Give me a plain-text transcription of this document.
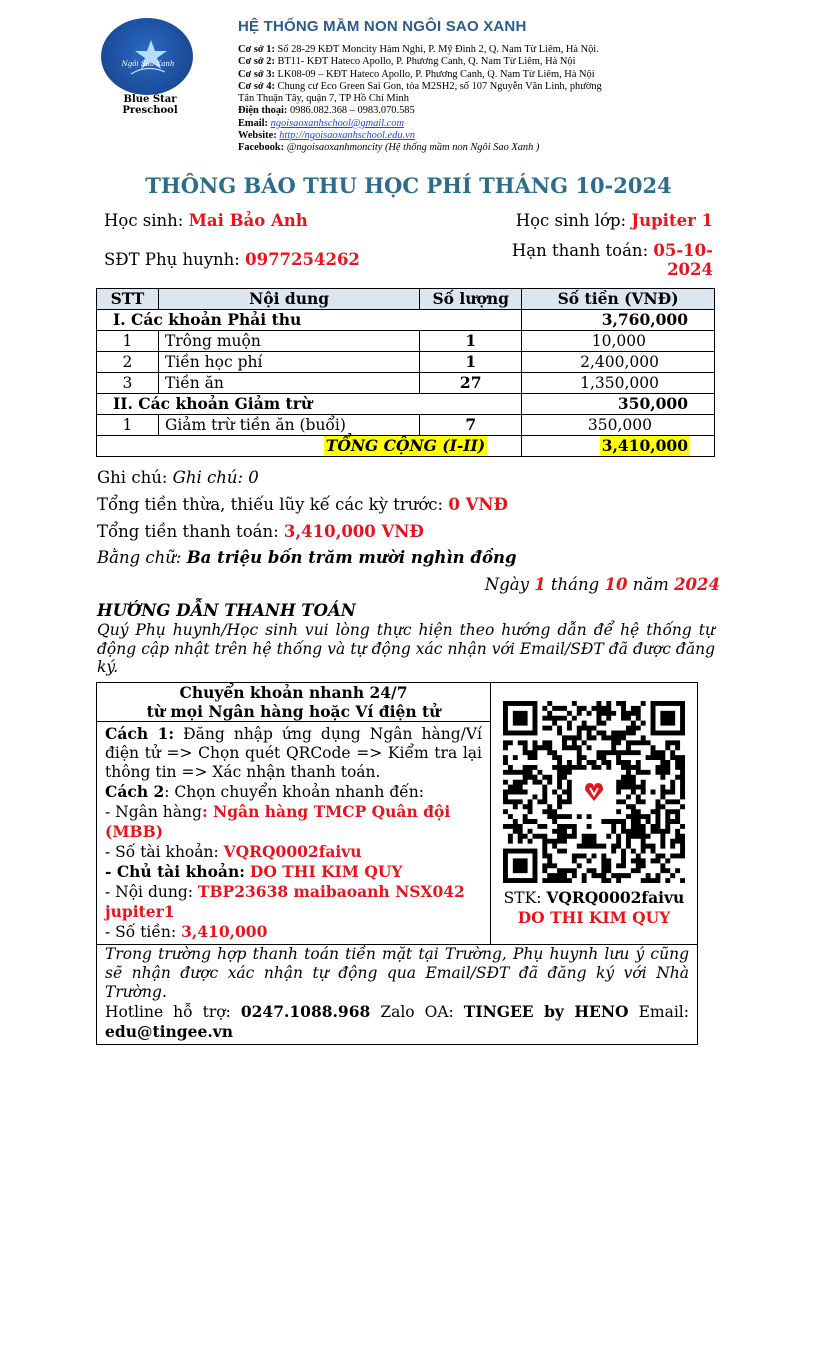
Ngôi Sao Xanh
Blue Star Preschool
HỆ THỐNG MẦM NON NGÔI SAO XANH
Cơ sở 1: Số 28-29 KĐT Moncity Hàm Nghi, P. Mỹ Đình 2, Q. Nam Từ Liêm, Hà Nội.
Cơ sở 2: BT11- KĐT Hateco Apollo, P. Phương Canh, Q. Nam Từ Liêm, Hà Nội
Cơ sở 3: LK08-09 – KĐT Hateco Apollo, P. Phương Canh, Q. Nam Từ Liêm, Hà Nội
Cơ sở 4: Chung cư Eco Green Sai Gon, tòa M2SH2, số 107 Nguyễn Văn Linh, phường
Tân Thuận Tây, quận 7, TP Hồ Chí Minh
Điện thoại: 0986.082.368 – 0983.070.585
Email: ngoisaoxanhschool@gmail.com
Website: http://ngoisaoxanhschool.edu.vn
Facebook: @ngoisaoxanhmoncity (Hệ thống mầm non Ngôi Sao Xanh )
THÔNG BÁO THU HỌC PHÍ THÁNG 10-2024
Học sinh: Mai Bảo Anh	Học sinh lớp: Jupiter 1
SĐT Phụ huynh: 0977254262	Hạn thanh toán: 05-10-
2024
STT	Nội dung	Số lượng	Số tiền (VNĐ)
I. Các khoản Phải thu			3,760,000
1	Trông muộn	1	10,000
2	Tiền học phí	1	2,400,000
3	Tiền ăn	27	1,350,000
II. Các khoản Giảm trừ			350,000
1	Giảm trừ tiền ăn (buổi)	7	350,000
TỔNG CỘNG (I-II)			3,410,000
Ghi chú: Ghi chú: 0
Tổng tiền thừa, thiếu lũy kế các kỳ trước: 0 VNĐ
Tổng tiền thanh toán: 3,410,000 VNĐ
Bằng chữ: Ba triệu bốn trăm mười nghìn đồng
Ngày 1 tháng 10 năm 2024
HƯỚNG DẪN THANH TOÁN
Quý Phụ huynh/Học sinh vui lòng thực hiện theo hướng dẫn để hệ thống tự động cập nhật trên hệ thống và tự động xác nhận với Email/SĐT đã được đăng ký.
Chuyển khoản nhanh 24/7
từ mọi Ngân hàng hoặc Ví điện tử

STK: VQRQ0002faivu
DO THI KIM QUY

Cách 1: Đăng nhập ứng dụng Ngân hàng/Ví điện tử => Chọn quét QRCode => Kiểm tra lại thông tin => Xác nhận thanh toán.
Cách 2: Chọn chuyển khoản nhanh đến:
- Ngân hàng: Ngân hàng TMCP Quân đội (MBB)
- Số tài khoản: VQRQ0002faivu
- Chủ tài khoản: DO THI KIM QUY
- Nội dung: TBP23638 maibaoanh NSX042 jupiter1
- Số tiền: 3,410,000

Trong trường hợp thanh toán tiền mặt tại Trường, Phụ huynh lưu ý cũng sẽ nhận được xác nhận tự động qua Email/SĐT đã đăng ký với Nhà Trường.
Hotline hỗ trợ: 0247.1088.968 Zalo OA: TINGEE by HENO Email: edu@tingee.vn
